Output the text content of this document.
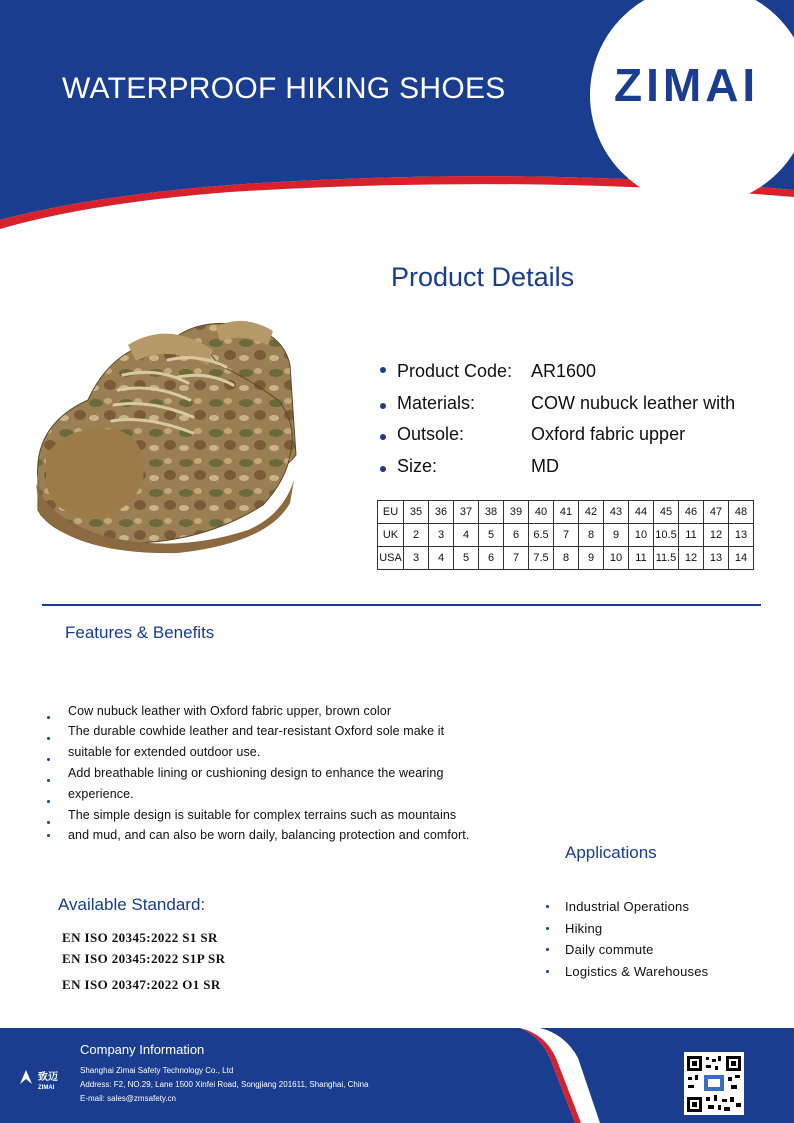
WATERPROOF HIKING SHOES ZIMAI
Product Details
Product Code: AR1600
Materials:	COW nubuck leather with
Outsole:	Oxford fabric upper
Size:	MD
EU	35	36	37	38	39	40	41	42	43	44	45	46	47	48
UK	2	3	4	5	6	6.5	7	8	9	10	10.5	11	12	13
USA	3	4	5	6	7	7.5	8	9	10	11	11.5	12	13	14
Features & Benefits
Cow nubuck leather with Oxford fabric upper, brown color
The durable cowhide leather and tear-resistant Oxford sole make it
suitable for extended outdoor use.
Add breathable lining or cushioning design to enhance the wearing
experience.
The simple design is suitable for complex terrains such as mountains
and mud, and can also be worn daily, balancing protection and comfort.
Applications
Industrial Operations
Hiking
Daily commute
Logistics & Warehouses
Available Standard:
EN ISO 20345:2022 S1 SR
EN ISO 20345:2022 S1P SR
EN ISO 20347:2022 O1 SR
Company Information
Shanghai Zimai Safety Technology Co., Ltd
Address: F2, NO.29, Lane 1500 Xinfei Road, Songjiang 201611, Shanghai, China
E-mail: sales@zmsafety.cn
致迈
ZIMAI
